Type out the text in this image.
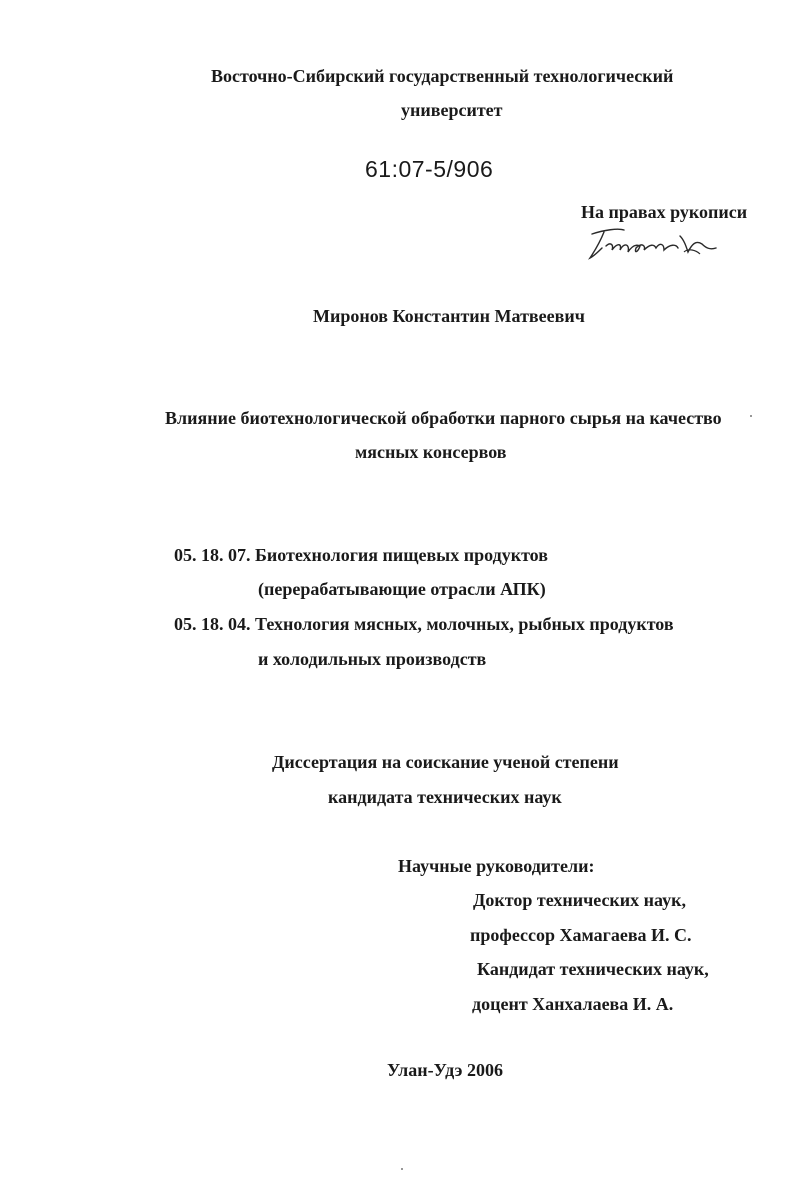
Восточно-Сибирский государственный технологический
университет
61:07-5/906
На правах рукописи
Миронов Константин Матвеевич
Влияние биотехнологической обработки парного сырья на качество
мясных консервов
05. 18. 07. Биотехнология пищевых продуктов
(перерабатывающие отрасли АПК)
05. 18. 04. Технология мясных, молочных, рыбных продуктов
и холодильных производств
Диссертация на соискание ученой степени
кандидата технических наук
Научные руководители:
Доктор технических наук,
профессор Хамагаева И. С.
Кандидат технических наук,
доцент Ханхалаева И. А.
Улан-Удэ 2006
